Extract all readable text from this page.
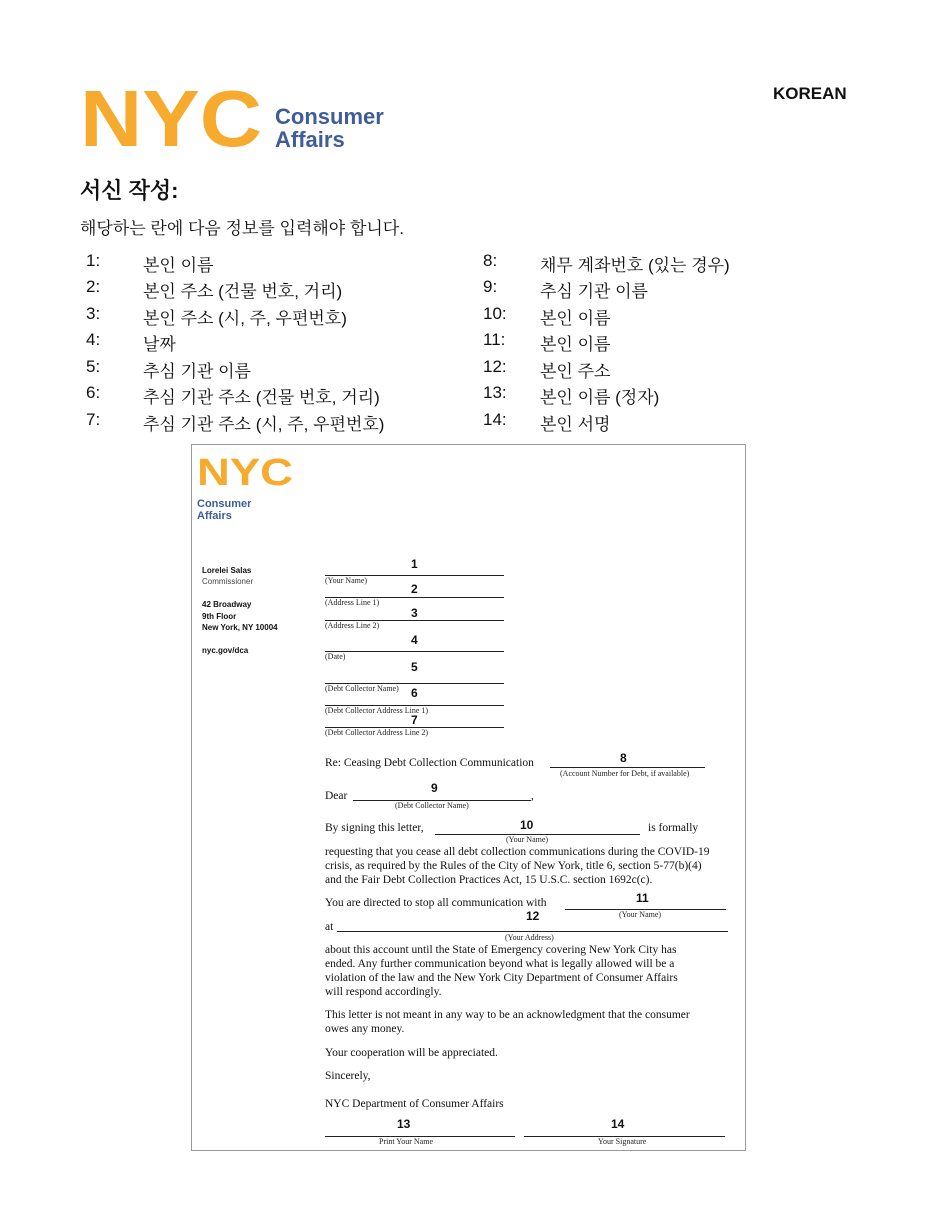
NYC Consumer
Affairs
KOREAN
서신 작성:
해당하는 란에 다음 정보를 입력해야 합니다.
1:	본인 이름
2:	본인 주소 (건물 번호, 거리)
3:	본인 주소 (시, 주, 우편번호)
4:	날짜
5:	추심 기관 이름
6:	추심 기관 주소 (건물 번호, 거리)
7:	추심 기관 주소 (시, 주, 우편번호)
8:	채무 계좌번호 (있는 경우)
9:	추심 기관 이름
10: 본인 이름
11: 본인 이름
12: 본인 주소
13: 본인 이름 (정자)
14: 본인 서명
NYC
Consumer
Affairs
Lorelei Salas
Commissioner
42 Broadway
9th Floor
New York, NY 10004
nyc.gov/dca
1
(Your Name)
2
(Address Line 1)
3
(Address Line 2)
4
(Date)
5
(Debt Collector Name) 6
(Debt Collector Address Line 1)
7
(Debt Collector Address Line 2)
Re: Ceasing Debt Collection Communication	8
(Account Number for Debt, if available)
Dear
9
,
(Debt Collector Name)
By signing this letter,	10	is formally
(Your Name)
requesting that you cease all debt collection communications during the COVID-19
crisis, as required by the Rules of the City of New York, title 6, section 5-77(b)(4)
and the Fair Debt Collection Practices Act, 15 U.S.C. section 1692c(c).
You are directed to stop all communication with	11
(Your Name)
12
at
(Your Address)
about this account until the State of Emergency covering New York City has
ended. Any further communication beyond what is legally allowed will be a
violation of the law and the New York City Department of Consumer Affairs
will respond accordingly.
This letter is not meant in any way to be an acknowledgment that the consumer
owes any money.
Your cooperation will be appreciated.
Sincerely,
NYC Department of Consumer Affairs
13
Print Your Name
14
Your Signature
